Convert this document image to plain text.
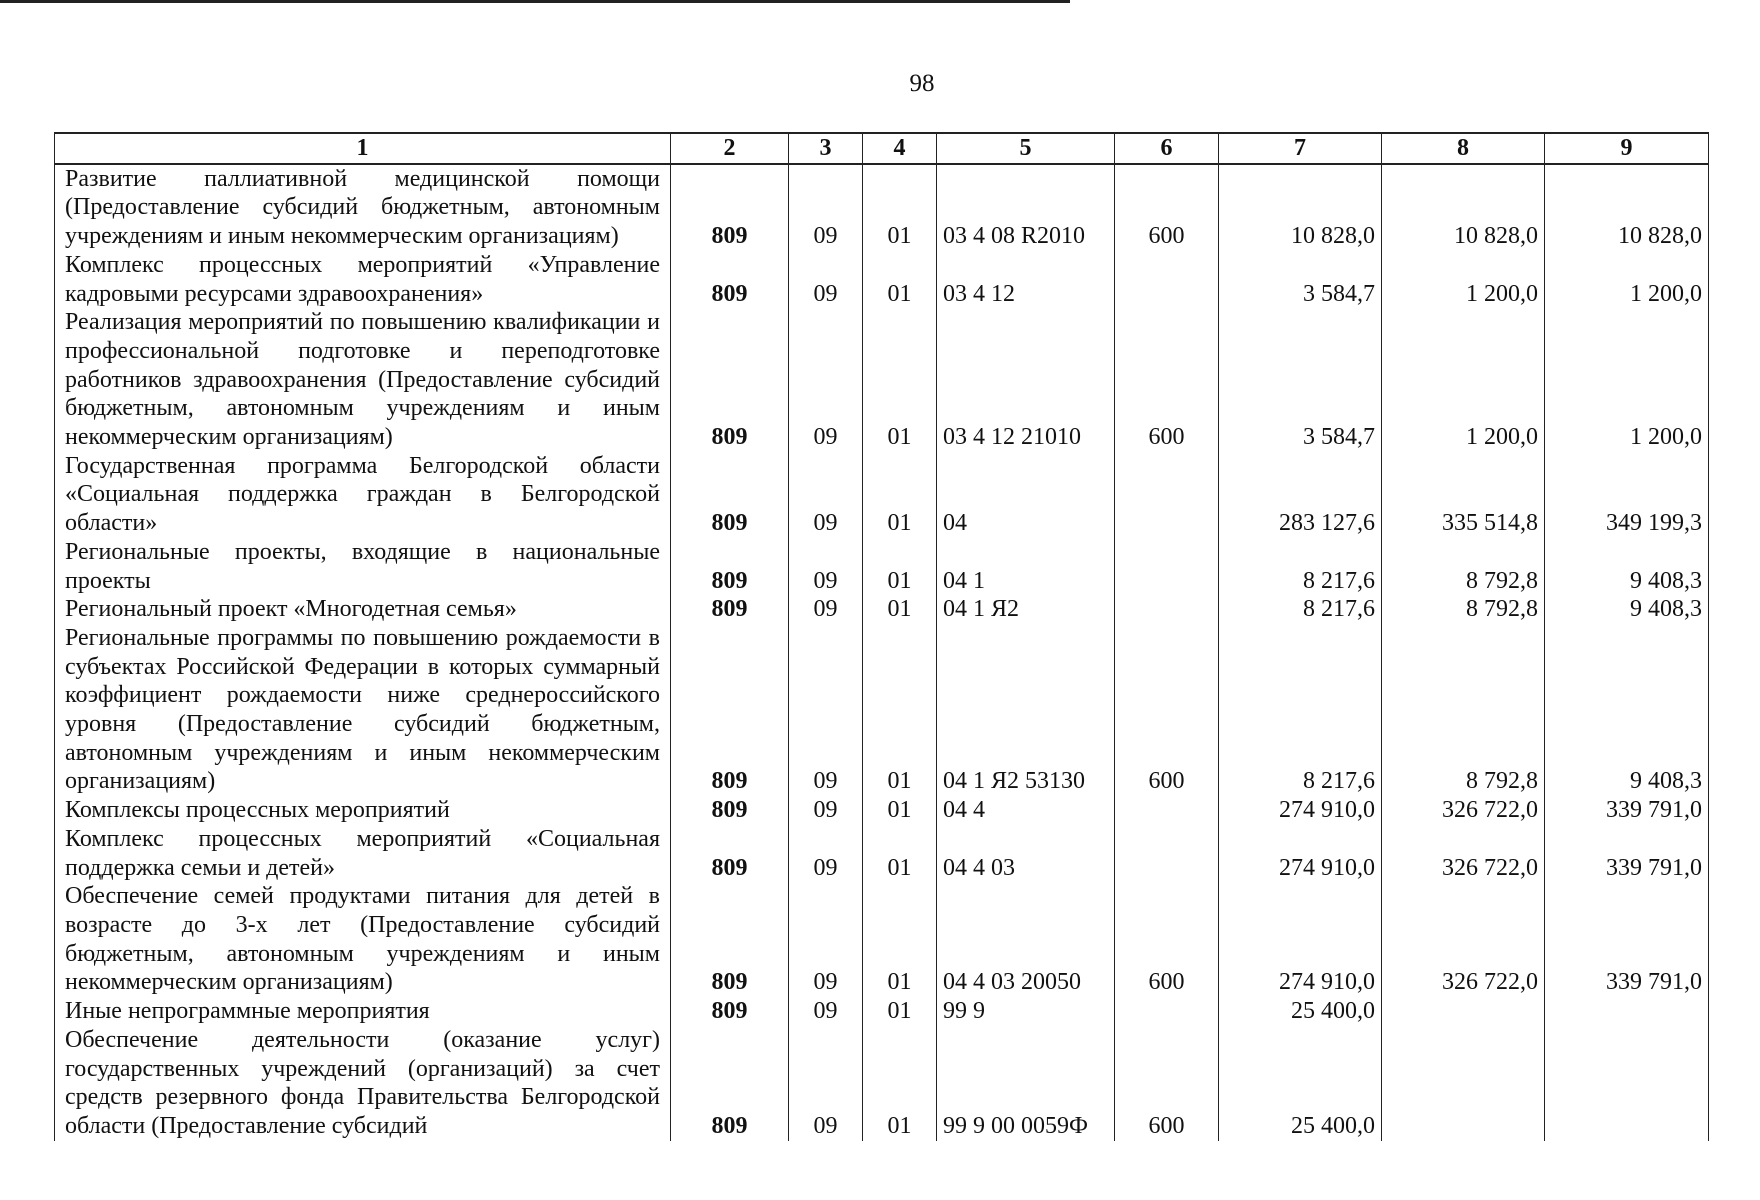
98
1	2	3	4	5	6	7	8	9
Развитие паллиативной медицинской помощи (Предоставление субсидий бюджетным, автономным учреждениям и иным некоммерческим организациям)	809	09	01	03 4 08 R2010	600	10 828,0	10 828,0	10 828,0
Комплекс процессных мероприятий «Управление кадровыми ресурсами здравоохранения»	809	09	01	03 4 12		3 584,7	1 200,0	1 200,0
Реализация мероприятий по повышению квалификации и профессиональной подготовке и переподготовке работников здравоохранения (Предоставление субсидий бюджетным, автономным учреждениям и иным некоммерческим организациям)	809	09	01	03 4 12 21010	600	3 584,7	1 200,0	1 200,0
Государственная программа Белгородской области «Социальная поддержка граждан в Белгородской области»	809	09	01	04		283 127,6	335 514,8	349 199,3
Региональные проекты, входящие в национальные проекты	809	09	01	04 1		8 217,6	8 792,8	9 408,3
Региональный проект «Многодетная семья»	809	09	01	04 1 Я2		8 217,6	8 792,8	9 408,3
Региональные программы по повышению рождаемости в субъектах Российской Федерации в которых суммарный коэффициент рождаемости ниже среднероссийского уровня (Предоставление субсидий бюджетным, автономным учреждениям и иным некоммерческим организациям)	809	09	01	04 1 Я2 53130	600	8 217,6	8 792,8	9 408,3
Комплексы процессных мероприятий	809	09	01	04 4		274 910,0	326 722,0	339 791,0
Комплекс процессных мероприятий «Социальная поддержка семьи и детей»	809	09	01	04 4 03		274 910,0	326 722,0	339 791,0
Обеспечение семей продуктами питания для детей в возрасте до 3-х лет (Предоставление субсидий бюджетным, автономным учреждениям и иным некоммерческим организациям)	809	09	01	04 4 03 20050	600	274 910,0	326 722,0	339 791,0
Иные непрограммные мероприятия	809	09	01	99 9		25 400,0		
Обеспечение деятельности (оказание услуг) государственных учреждений (организаций) за счет средств резервного фонда Правительства Белгородской области (Предоставление субсидий	809	09	01	99 9 00 0059Ф	600	25 400,0		
